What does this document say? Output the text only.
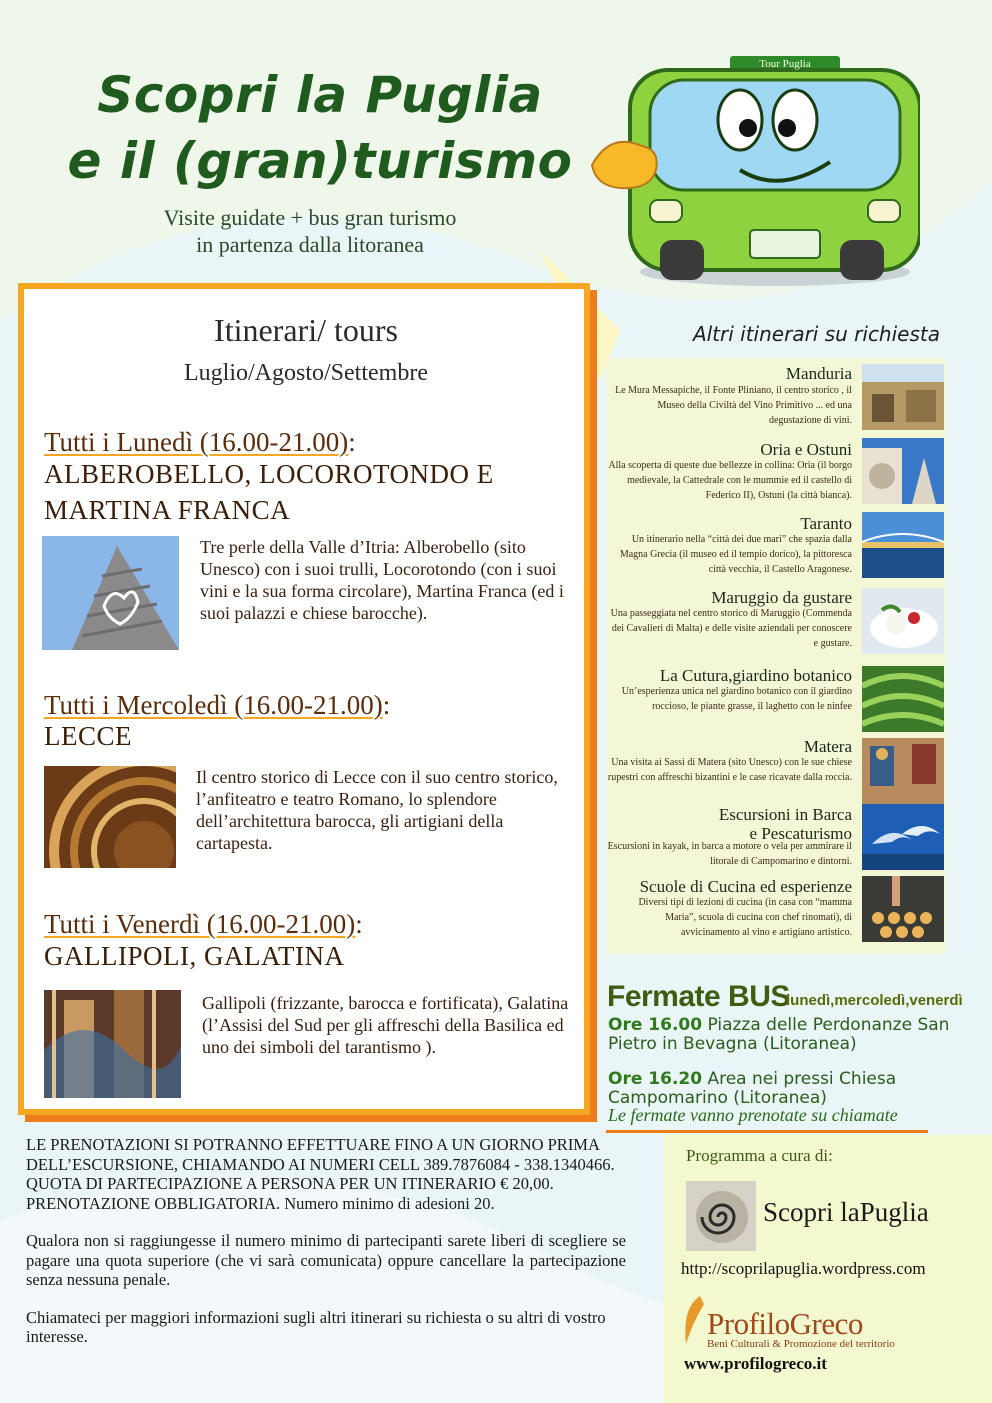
Scopri la Puglia
e il (gran)turismo
Visite guidate + bus gran turismo
in partenza dalla litoranea
Tour Puglia
Itinerari/ tours
Luglio/Agosto/Settembre
Tutti i Lunedì (16.00-21.00):
ALBEROBELLO, LOCOROTONDO E
MARTINA FRANCA
Tre perle della Valle d’Itria: Alberobello (sito Unesco) con i suoi trulli, Locorotondo (con i suoi vini e la sua forma circolare), Martina Franca (ed i suoi palazzi e chiese barocche).
Tutti i Mercoledì (16.00-21.00):
LECCE
Il centro storico di Lecce con il suo centro storico, l’anfiteatro e teatro Romano, lo splendore dell’architettura barocca, gli artigiani della cartapesta.
Tutti i Venerdì (16.00-21.00):
GALLIPOLI, GALATINA
Gallipoli (frizzante, barocca e fortificata), Galatina (l’Assisi del Sud per gli affreschi della Basilica ed uno dei simboli del tarantismo ).
Altri itinerari su richiesta
Manduria
Le Mura Messapiche, il Fonte Pliniano, il centro storico , il Museo della Civiltà del Vino Primitivo ... ed una degustazione di vini.
Oria e Ostuni
Alla scoperta di queste due bellezze in collina: Oria (il borgo medievale, la Cattedrale con le mummie ed il castello di Federico II), Ostuni (la città bianca).
Taranto
Un itinerario nella “città dei due mari” che spazia dalla Magna Grecia (il museo ed il tempio dorico), la pittoresca città vecchia, il Castello Aragonese.
Maruggio da gustare
Una passeggiata nel centro storico di Maruggio (Commenda dei Cavalieri di Malta) e delle visite aziendali per conoscere e gustare.
La Cutura,giardino botanico
Un’esperienza unica nel giardino botanico con il giardino roccioso, le piante grasse, il laghetto con le ninfee
Matera
Una visita ai Sassi di Matera (sito Unesco) con le sue chiese rupestri con affreschi bizantini e le case ricavate dalla roccia.
Escursioni in Barca
e Pescaturismo
Escursioni in kayak, in barca a motore o vela per ammirare il litorale di Campomarino e dintorni.
Scuole di Cucina ed esperienze
Diversi tipi di lezioni di cucina (in casa con “mamma Maria”, scuola di cucina con chef rinomati), di avvicinamento al vino e artigiano artistico.
Fermate BUS
lunedì,mercoledì,venerdì
Ore 16.00 Piazza delle Perdonanze San Pietro in Bevagna (Litoranea)
Ore 16.20 Area nei pressi Chiesa Campomarino (Litoranea)
Le fermate vanno prenotate su chiamate

LE PRENOTAZIONI SI POTRANNO EFFETTUARE FINO A UN GIORNO PRIMA DELL’ESCURSIONE, CHIAMANDO AI NUMERI CELL 389.7876084 - 338.1340466. QUOTA DI PARTECIPAZIONE A PERSONA PER UN ITINERARIO € 20,00.

PRENOTAZIONE OBBLIGATORIA. Numero minimo di adesioni 20.

Qualora non si raggiungesse il numero minimo di partecipanti sarete liberi di scegliere se pagare una quota superiore (che vi sarà comunicata) oppure cancellare la partecipazione senza nessuna penale.

Chiamateci per maggiori informazioni sugli altri itinerari su richiesta o su altri di vostro interesse.

Programma a cura di:
Scopri laPuglia
http://scoprilapuglia.wordpress.com
ProfiloGreco
Beni Culturali & Promozione del territorio
www.profilogreco.it
